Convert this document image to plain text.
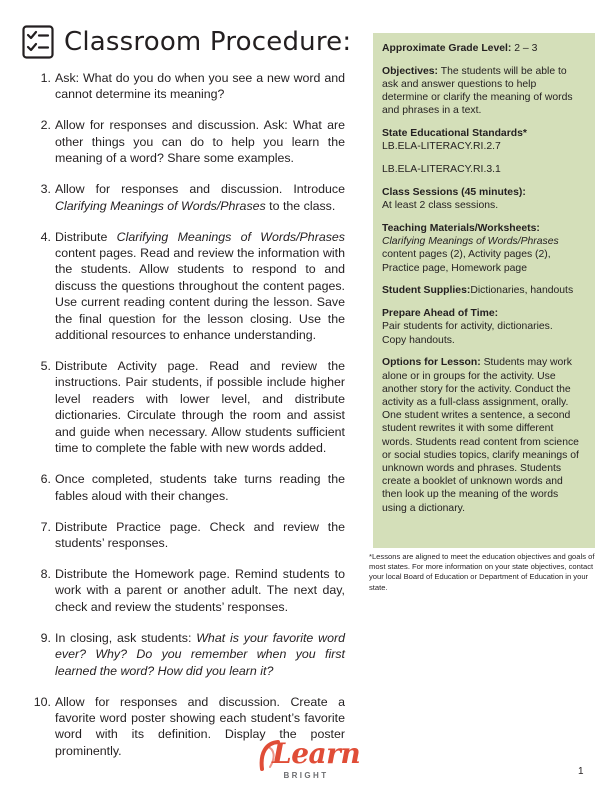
Classroom Procedure:
1. Ask: What do you do when you see a new word and cannot determine its meaning?
2. Allow for responses and discussion. Ask: What are other things you can do to help you learn the meaning of a word? Share some examples.
3. Allow for responses and discussion. Introduce Clarifying Meanings of Words/Phrases to the class.
4. Distribute Clarifying Meanings of Words/Phrases content pages. Read and review the information with the students. Allow students to respond to and discuss the questions throughout the content pages. Use current reading content during the lesson. Save the final question for the lesson closing. Use the additional resources to enhance understanding.
5. Distribute Activity page. Read and review the instructions. Pair students, if possible include higher level readers with lower level, and distribute dictionaries. Circulate through the room and assist and guide when necessary. Allow students sufficient time to complete the fable with new words added.
6. Once completed, students take turns reading the fables aloud with their changes.
7. Distribute Practice page. Check and review the students’ responses.
8. Distribute the Homework page. Remind students to work with a parent or another adult. The next day, check and review the students’ responses.
9. In closing, ask students: What is your favorite word ever? Why? Do you remember when you first learned the word? How did you learn it?
10. Allow for responses and discussion. Create a favorite word poster showing each student’s favorite word with its definition. Display the poster prominently.
Approximate Grade Level: 2 – 3
Objectives: The students will be able to ask and answer questions to help determine or clarify the meaning of words and phrases in a text.
State Educational Standards*
LB.ELA-LITERACY.RI.2.7
LB.ELA-LITERACY.RI.3.1
Class Sessions (45 minutes):
At least 2 class sessions.
Teaching Materials/Worksheets: Clarifying Meanings of Words/Phrases content pages (2), Activity pages (2), Practice page, Homework page
Student Supplies:Dictionaries, handouts
Prepare Ahead of Time:
Pair students for activity, dictionaries.
Copy handouts.
Options for Lesson: Students may work alone or in groups for the activity. Use another story for the activity. Conduct the activity as a full-class assignment, orally. One student writes a sentence, a second student rewrites it with some different words. Students read content from science or social studies topics, clarify meanings of unknown words and phrases. Students create a booklet of unknown words and then look up the meaning of the words using a dictionary.
*Lessons are aligned to meet the education objectives and goals of most states. For more information on your state objectives, contact your local Board of Education or Department of Education in your state.
Learn
BRIGHT	1
